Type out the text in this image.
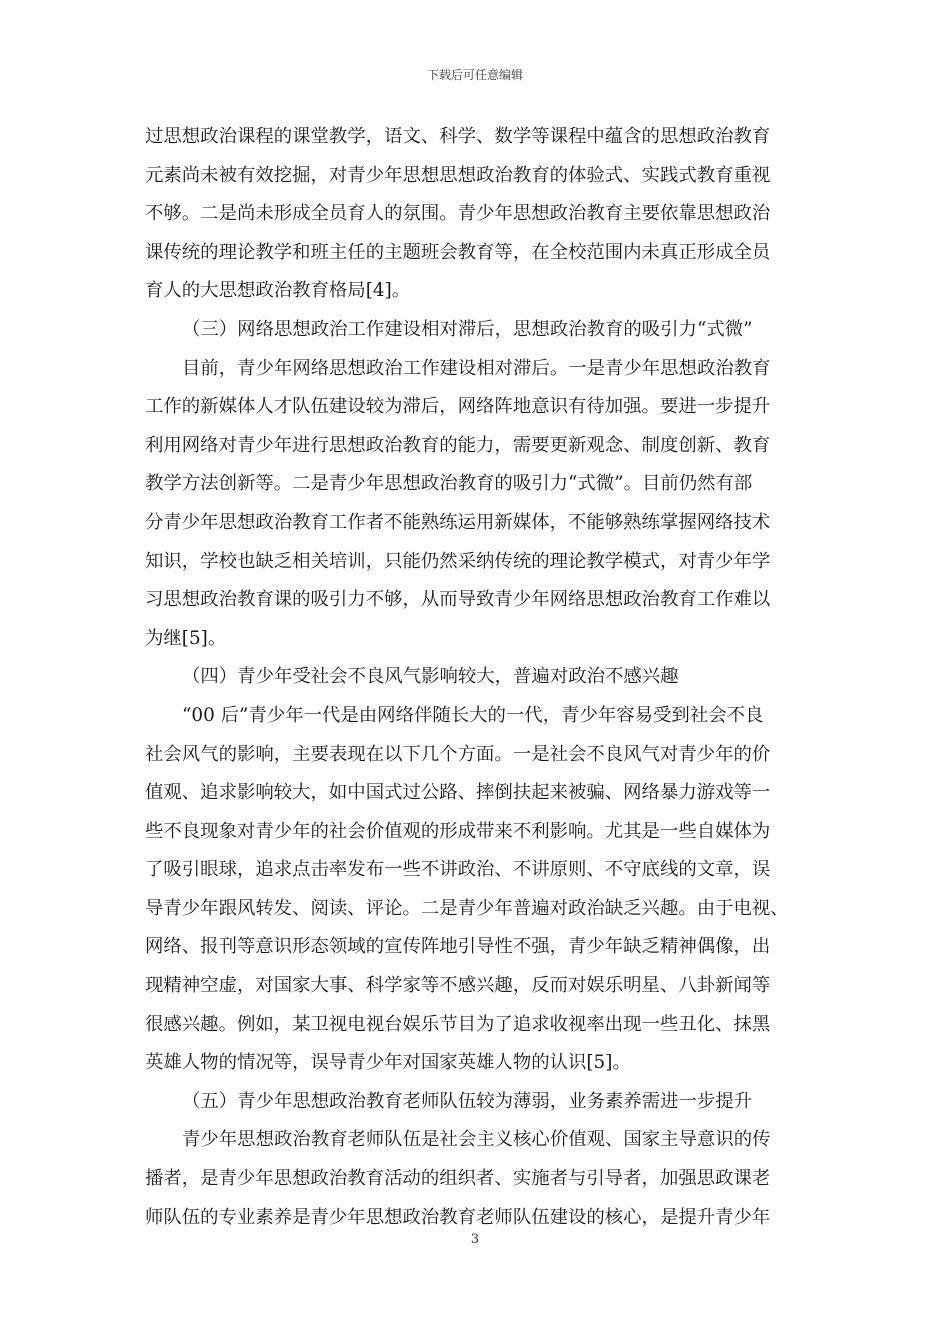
下载后可任意编辑
过思想政治课程的课堂教学，语文、科学、数学等课程中蕴含的思想政治教育
元素尚未被有效挖掘，对青少年思想思想政治教育的体验式、实践式教育重视
不够。二是尚未形成全员育人的氛围。青少年思想政治教育主要依靠思想政治
课传统的理论教学和班主任的主题班会教育等，在全校范围内未真正形成全员
育人的大思想政治教育格局[4]。
（三）网络思想政治工作建设相对滞后，思想政治教育的吸引力“式微”
目前，青少年网络思想政治工作建设相对滞后。一是青少年思想政治教育
工作的新媒体人才队伍建设较为滞后，网络阵地意识有待加强。要进一步提升
利用网络对青少年进行思想政治教育的能力，需要更新观念、制度创新、教育
教学方法创新等。二是青少年思想政治教育的吸引力“式微”。目前仍然有部
分青少年思想政治教育工作者不能熟练运用新媒体，不能够熟练掌握网络技术
知识，学校也缺乏相关培训，只能仍然采纳传统的理论教学模式，对青少年学
习思想政治教育课的吸引力不够，从而导致青少年网络思想政治教育工作难以
为继[5]。
（四）青少年受社会不良风气影响较大，普遍对政治不感兴趣
“00 后”青少年一代是由网络伴随长大的一代，青少年容易受到社会不良
社会风气的影响，主要表现在以下几个方面。一是社会不良风气对青少年的价
值观、追求影响较大，如中国式过公路、摔倒扶起来被骗、网络暴力游戏等一
些不良现象对青少年的社会价值观的形成带来不利影响。尤其是一些自媒体为
了吸引眼球，追求点击率发布一些不讲政治、不讲原则、不守底线的文章，误
导青少年跟风转发、阅读、评论。二是青少年普遍对政治缺乏兴趣。由于电视、
网络、报刊等意识形态领域的宣传阵地引导性不强，青少年缺乏精神偶像，出
现精神空虚，对国家大事、科学家等不感兴趣，反而对娱乐明星、八卦新闻等
很感兴趣。例如，某卫视电视台娱乐节目为了追求收视率出现一些丑化、抹黑
英雄人物的情况等，误导青少年对国家英雄人物的认识[5]。
（五）青少年思想政治教育老师队伍较为薄弱，业务素养需进一步提升
青少年思想政治教育老师队伍是社会主义核心价值观、国家主导意识的传
播者，是青少年思想政治教育活动的组织者、实施者与引导者，加强思政课老
师队伍的专业素养是青少年思想政治教育老师队伍建设的核心，是提升青少年
3
